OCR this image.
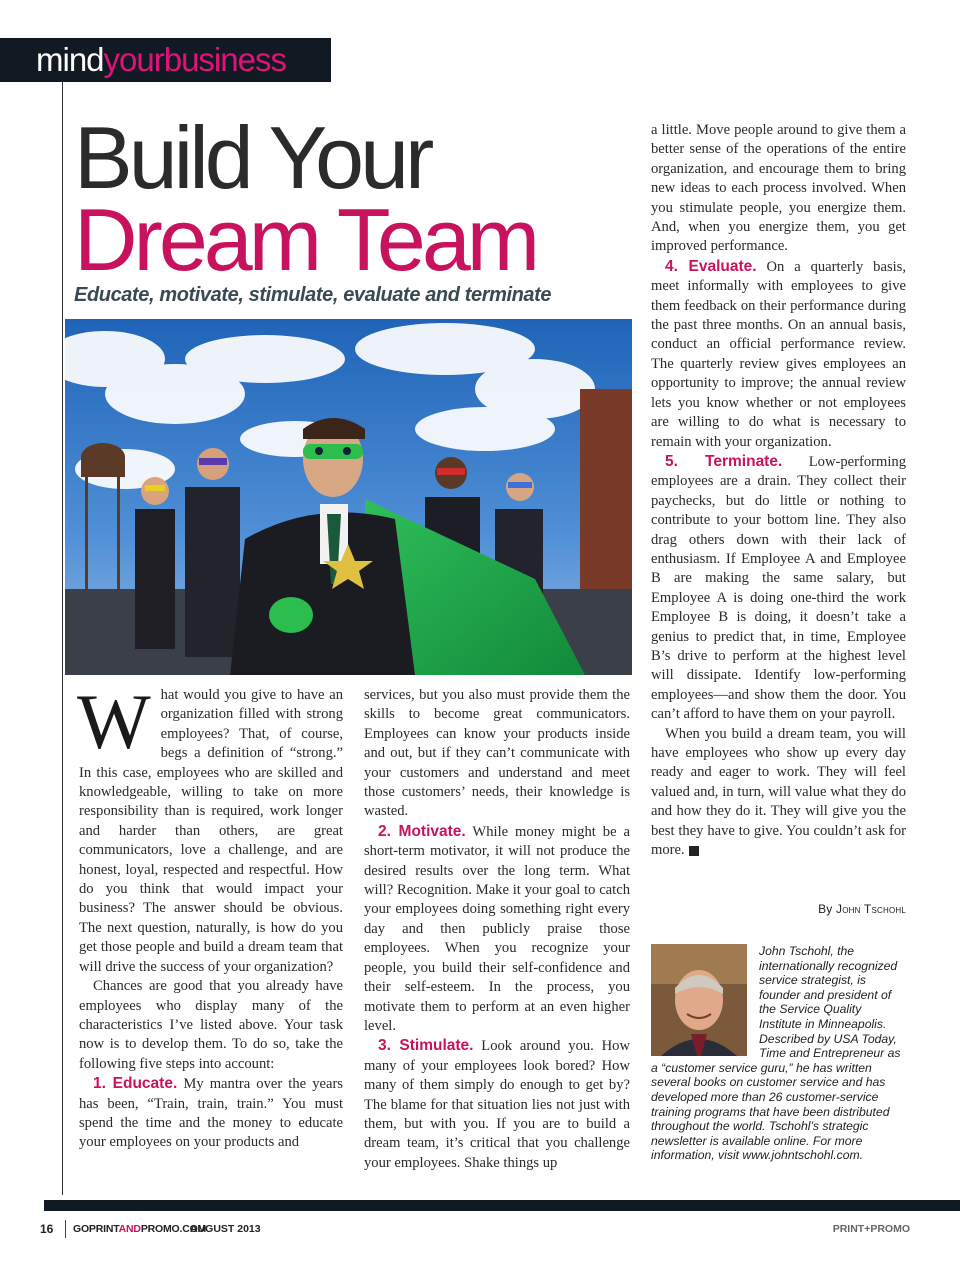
mindyourbusiness
Build Your
Dream Team
Educate, motivate, stimulate, evaluate and terminate

What would you give to have an organization filled with strong employees? That, of course, begs a definition of “strong.” In this case, employees who are skilled and knowledgeable, willing to take on more responsibility than is required, work longer and harder than others, are great communicators, love a challenge, and are honest, loyal, respected and respectful. How do you think that would impact your business? The answer should be obvious. The next question, naturally, is how do you get those people and build a dream team that will drive the success of your organization?

Chances are good that you already have employees who display many of the characteristics I’ve listed above. Your task now is to develop them. To do so, take the following five steps into account:

1. Educate. My mantra over the years has been, “Train, train, train.” You must spend the time and the money to educate your employees on your products and

services, but you also must provide them the skills to become great communicators. Employees can know your products inside and out, but if they can’t communicate with your customers and understand and meet those customers’ needs, their knowledge is wasted.

2. Motivate. While money might be a short-term motivator, it will not produce the desired results over the long term. What will? Recognition. Make it your goal to catch your employees doing something right every day and then publicly praise those employees. When you recognize your people, you build their self-confidence and their self-esteem. In the process, you motivate them to perform at an even higher level.

3. Stimulate. Look around you. How many of your employees look bored? How many of them simply do enough to get by? The blame for that situation lies not just with them, but with you. If you are to build a dream team, it’s critical that you challenge your employees. Shake things up

a little. Move people around to give them a better sense of the operations of the entire organization, and encourage them to bring new ideas to each process involved. When you stimulate people, you energize them. And, when you energize them, you get improved performance.

4. Evaluate. On a quarterly basis, meet informally with employees to give them feedback on their performance during the past three months. On an annual basis, conduct an official performance review. The quarterly review gives employees an opportunity to improve; the annual review lets you know whether or not employees are willing to do what is necessary to remain with your organization.

5. Terminate. Low-performing employees are a drain. They collect their paychecks, but do little or nothing to contribute to your bottom line. They also drag others down with their lack of enthusiasm. If Employee A and Employee B are making the same salary, but Employee A is doing one-third the work Employee B is doing, it doesn’t take a genius to predict that, in time, Employee B’s drive to perform at the highest level will dissipate. Identify low-performing employees—and show them the door. You can’t afford to have them on your payroll.

When you build a dream team, you will have employees who show up every day ready and eager to work. They will feel valued and, in turn, will value what they do and how they do it. They will give you the best they have to give. You couldn’t ask for more. +

By John Tschohl
John Tschohl, the internationally recognized service strategist, is founder and president of the Service Quality Institute in Minneapolis. Described by USA Today, Time and Entrepreneur as a “customer service guru,” he has written several books on customer service and has developed more than 26 customer-service training programs that have been distributed throughout the world. Tschohl’s strategic newsletter is available online. For more information, visit www.johntschohl.com.
16 GOPRINTANDPROMO.COM
AUGUST 2013	PRINT+PROMO
